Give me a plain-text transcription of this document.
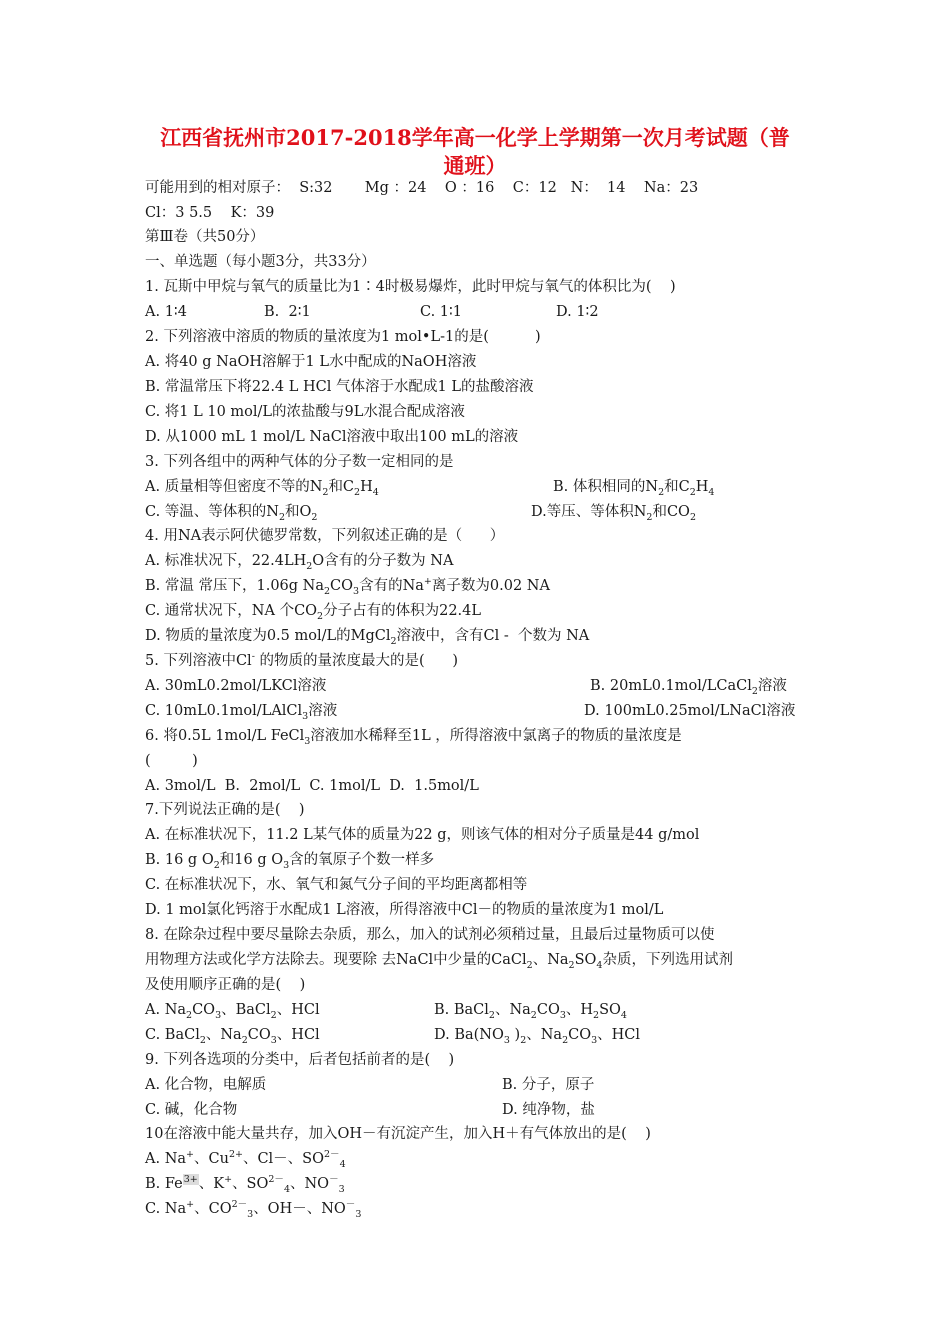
江西省抚州市2017-2018学年高一化学上学期第一次月考试题（普
通班）
可能用到的相对原子：  S:32       Mg ：24    O ：16    C：12   N：  14    Na：23
Cl：3 5.5    K：39
第Ⅲ卷（共50分）
一、单选题（每小题3分，共33分）
1. 瓦斯中甲烷与氧气的质量比为1∶4时极易爆炸，此时甲烷与氧气的体积比为(    )
A. 1∶4	B.  2∶1	C. 1∶1	D. 1∶2
2. 下列溶液中溶质的物质的量浓度为1 mol•L-1的是(          )
A. 将40 g NaOH溶解于1 L水中配成的NaOH溶液
B. 常温常压下将22.4 L HCl 气体溶于水配成1 L的盐酸溶液
C. 将1 L 10 mol/L的浓盐酸与9L水混合配成溶液
D. 从1000 mL 1 mol/L NaCl溶液中取出100 mL的溶液
3. 下列各组中的两种气体的分子数一定相同的是
A. 质量相等但密度不等的$N_2$和$C_2H_4$	B. 体积相同的$N_2$和$C_2H_4$
C. 等温、等体积的$N_2$和$O_2$	D.等压、等体积$N_2$和$CO_2$
4. 用NA表示阿伏德罗常数，下列叙述正确的是（      ）
A. 标准状况下，$22.4LH_2O$含有的分子数为 NA
B. 常温 常压下，1.06g $Na_2CO_3$含有的Na+离子数为0.02 NA
C. 通常状况下，NA 个$CO_2$分子占有的体积为22.4L
D. 物质的量浓度为0.5 mol/L的MgCl$_2$溶液中，含有Cl -  个数为 NA
5. 下列溶液中Cl- 的物质的量浓度最大的是(      )
A. 30mL0.2mol/LKCl溶液	B. 20mL0.1mol/LCaCl$_2$溶液
C. 10mL0.1mol/LAlCl$_3$溶液	D. 100mL0.25mol/LNaCl溶液
6. 将0.5L 1mol/L FeCl$_3$溶液加水稀释至1L ，所得溶液中氯离子的物质的量浓度是
(         )
A. 3mol/L  B.  2mol/L  C. 1mol/L  D.  1.5mol/L
7.下列说法正确的是(    )
A. 在标准状况下，11.2 L某气体的质量为22 g，则该气体的相对分子质量是44 g/mol
B. 16 g $O_2$和16 g $O_3$含的氧原子个数一样多
C. 在标准状况下，水、氧气和氮气分子间的平均距离都相等
D. 1 mol氯化钙溶于水配成1 L溶液，所得溶液中Cl－的物质的量浓度为1 mol/L
8. 在除杂过程中要尽量除去杂质，那么，加入的试剂必须稍过量，且最后过量物质可以使
用物理方法或化学方法除去。现要除 去NaCl中少量的CaCl$_2$、$Na_2SO_4$杂质，下列选用试剂
及使用顺序正确的是(    )
A. $Na_2CO_3$、BaCl$_2$、HCl	B. BaCl$_2$、$Na_2CO_3$、$H_2SO_4$
C. BaCl$_2$、$Na_2CO_3$、HCl	D. $Ba(NO_3$ )$_2$、$Na_2CO_3$、HCl
9. 下列各选项的分类中，后者包括前者的是(    )
A. 化合物，电解质	B. 分子，原子
C. 碱，化合物	D. 纯净物，盐
10在溶液中能大量共存，加入OH－有沉淀产生，加入H＋有气体放出的是(    )
A. Na+、$Cu^{2+}$、Cl－、$SO^{2-}_4$
B. $Fe^{3+}$、K+、$SO^{2-}_4$、$NO^-_3$
C. Na+、$CO^{2-}_3$、OH－、$NO^-_3$
